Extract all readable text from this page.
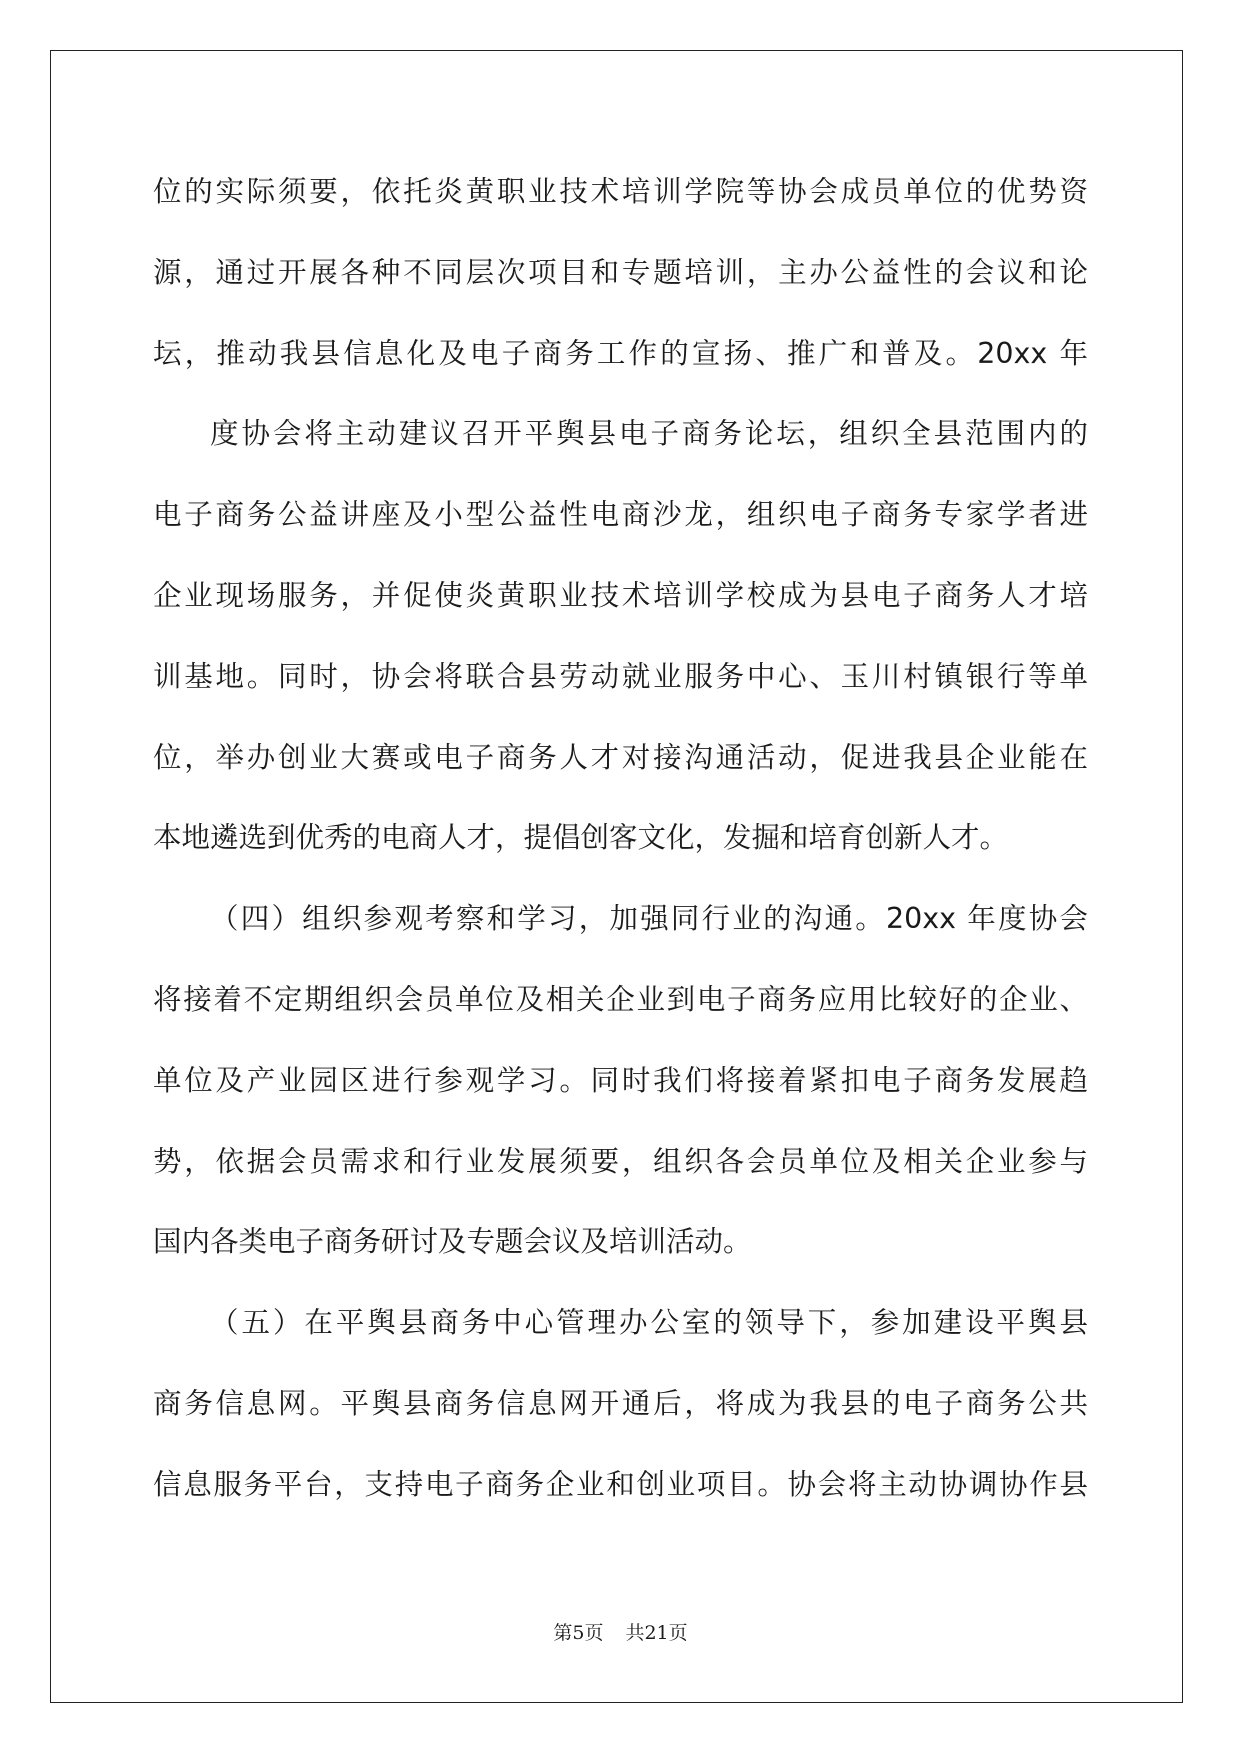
位的实际须要，依托炎黄职业技术培训学院等协会成员单位的优势资
源，通过开展各种不同层次项目和专题培训，主办公益性的会议和论
坛，推动我县信息化及电子商务工作的宣扬、推广和普及。20xx 年
度协会将主动建议召开平舆县电子商务论坛，组织全县范围内的
电子商务公益讲座及小型公益性电商沙龙，组织电子商务专家学者进
企业现场服务，并促使炎黄职业技术培训学校成为县电子商务人才培
训基地。同时，协会将联合县劳动就业服务中心、玉川村镇银行等单
位，举办创业大赛或电子商务人才对接沟通活动，促进我县企业能在
本地遴选到优秀的电商人才，提倡创客文化，发掘和培育创新人才。
（四）组织参观考察和学习，加强同行业的沟通。20xx 年度协会
将接着不定期组织会员单位及相关企业到电子商务应用比较好的企业、
单位及产业园区进行参观学习。同时我们将接着紧扣电子商务发展趋
势，依据会员需求和行业发展须要，组织各会员单位及相关企业参与
国内各类电子商务研讨及专题会议及培训活动。
（五）在平舆县商务中心管理办公室的领导下，参加建设平舆县
商务信息网。平舆县商务信息网开通后，将成为我县的电子商务公共
信息服务平台，支持电子商务企业和创业项目。协会将主动协调协作县
第5页 共21页
